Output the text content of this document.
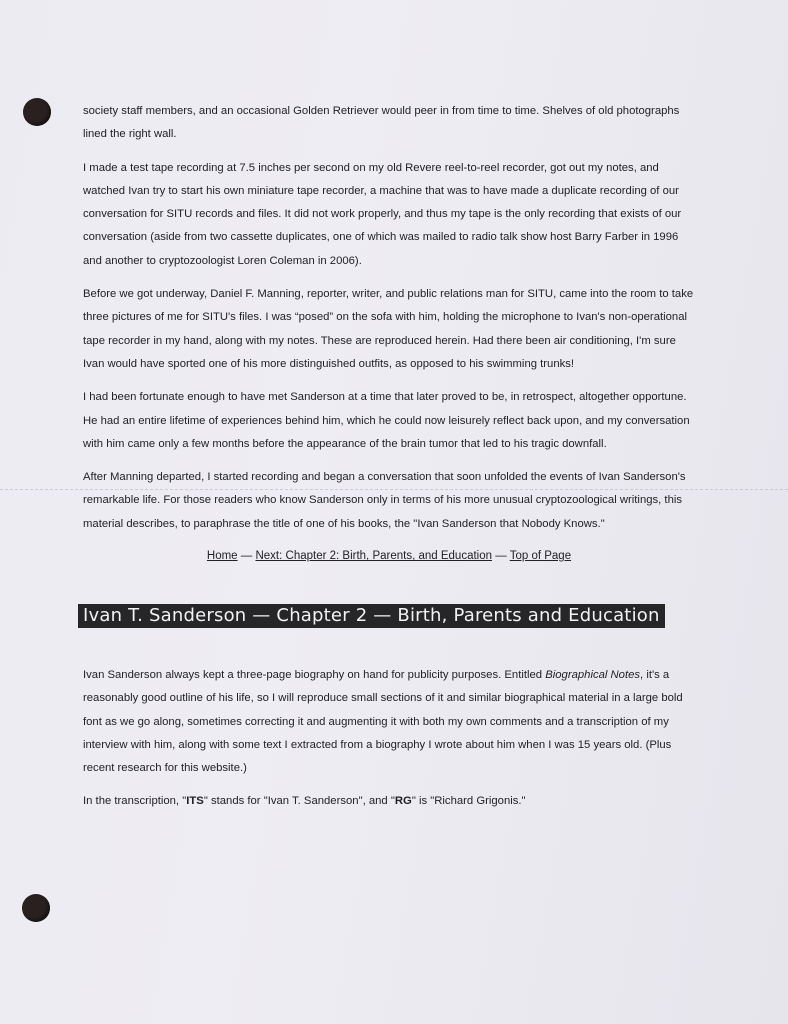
society staff members, and an occasional Golden Retriever would peer in from time to time. Shelves of old photographs lined the right wall.

I made a test tape recording at 7.5 inches per second on my old Revere reel-to-reel recorder, got out my notes, and watched Ivan try to start his own miniature tape recorder, a machine that was to have made a duplicate recording of our conversation for SITU records and files. It did not work properly, and thus my tape is the only recording that exists of our conversation (aside from two cassette duplicates, one of which was mailed to radio talk show host Barry Farber in 1996 and another to cryptozoologist Loren Coleman in 2006).

Before we got underway, Daniel F. Manning, reporter, writer, and public relations man for SITU, came into the room to take three pictures of me for SITU's files. I was “posed” on the sofa with him, holding the microphone to Ivan's non-operational tape recorder in my hand, along with my notes. These are reproduced herein. Had there been air conditioning, I'm sure Ivan would have sported one of his more distinguished outfits, as opposed to his swimming trunks!

I had been fortunate enough to have met Sanderson at a time that later proved to be, in retrospect, altogether opportune. He had an entire lifetime of experiences behind him, which he could now leisurely reflect back upon, and my conversation with him came only a few months before the appearance of the brain tumor that led to his tragic downfall.

After Manning departed, I started recording and began a conversation that soon unfolded the events of Ivan Sanderson's remarkable life. For those readers who know Sanderson only in terms of his more unusual cryptozoological writings, this material describes, to paraphrase the title of one of his books, the "Ivan Sanderson that Nobody Knows."

Home — Next: Chapter 2: Birth, Parents, and Education — Top of Page
Ivan T. Sanderson — Chapter 2 — Birth, Parents and Education

Ivan Sanderson always kept a three-page biography on hand for publicity purposes. Entitled Biographical Notes, it's a reasonably good outline of his life, so I will reproduce small sections of it and similar biographical material in a large bold font as we go along, sometimes correcting it and augmenting it with both my own comments and a transcription of my interview with him, along with some text I extracted from a biography I wrote about him when I was 15 years old. (Plus recent research for this website.)

In the transcription, "ITS" stands for "Ivan T. Sanderson", and "RG" is "Richard Grigonis."
